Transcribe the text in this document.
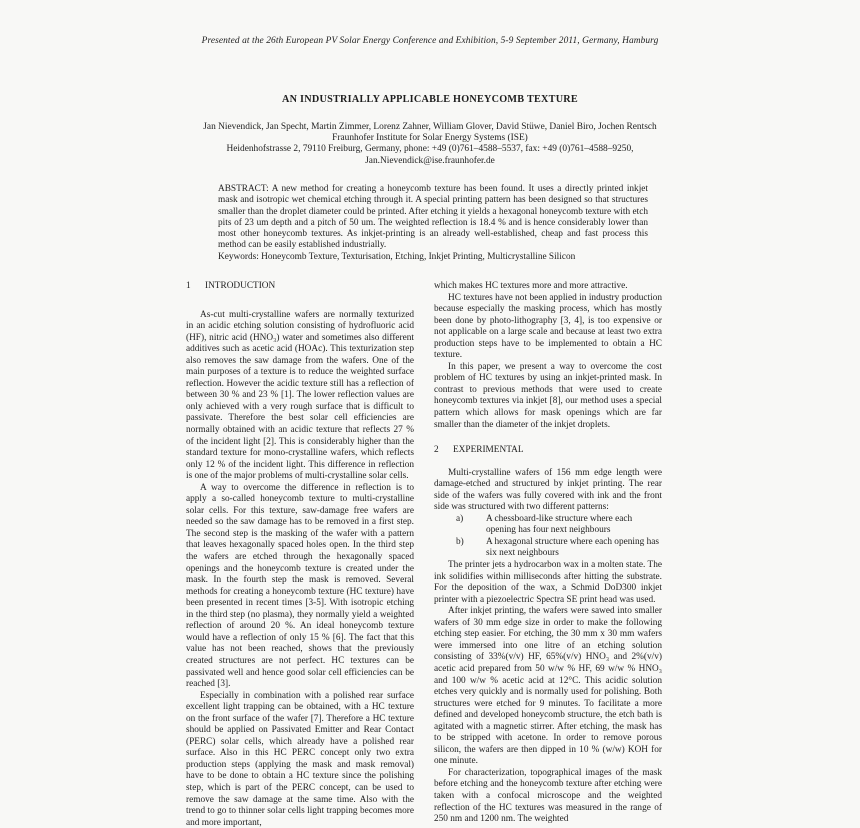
Presented at the 26th European PV Solar Energy Conference and Exhibition, 5-9 September 2011, Germany, Hamburg
AN INDUSTRIALLY APPLICABLE HONEYCOMB TEXTURE
Jan Nievendick, Jan Specht, Martin Zimmer, Lorenz Zahner, William Glover, David Stüwe, Daniel Biro, Jochen Rentsch
Fraunhofer Institute for Solar Energy Systems (ISE)
Heidenhofstrasse 2, 79110 Freiburg, Germany, phone: +49 (0)761–4588–5537, fax: +49 (0)761–4588–9250,
Jan.Nievendick@ise.fraunhofer.de
ABSTRACT: A new method for creating a honeycomb texture has been found. It uses a directly printed inkjet mask and isotropic wet chemical etching through it. A special printing pattern has been designed so that structures smaller than the droplet diameter could be printed. After etching it yields a hexagonal honeycomb texture with etch pits of 23 um depth and a pitch of 50 um. The weighted reflection is 18.4 % and is hence considerably lower than most other honeycomb textures. As inkjet-printing is an already well-established, cheap and fast process this method can be easily established industrially.
Keywords: Honeycomb Texture, Texturisation, Etching, Inkjet Printing, Multicrystalline Silicon
1 INTRODUCTION

As-cut multi-crystalline wafers are normally texturized in an acidic etching solution consisting of hydrofluoric acid (HF), nitric acid (HNO₃) water and sometimes also different additives such as acetic acid (HOAc). This texturization step also removes the saw damage from the wafers. One of the main purposes of a texture is to reduce the weighted surface reflection. However the acidic texture still has a reflection of between 30 % and 23 % [1]. The lower reflection values are only achieved with a very rough surface that is difficult to passivate. Therefore the best solar cell efficiencies are normally obtained with an acidic texture that reflects 27 % of the incident light [2]. This is considerably higher than the standard texture for mono-crystalline wafers, which reflects only 12 % of the incident light. This difference in reflection is one of the major problems of multi-crystalline solar cells.

A way to overcome the difference in reflection is to apply a so-called honeycomb texture to multi-crystalline solar cells. For this texture, saw-damage free wafers are needed so the saw damage has to be removed in a first step. The second step is the masking of the wafer with a pattern that leaves hexagonally spaced holes open. In the third step the wafers are etched through the hexagonally spaced openings and the honeycomb texture is created under the mask. In the fourth step the mask is removed. Several methods for creating a honeycomb texture (HC texture) have been presented in recent times [3-5]. With isotropic etching in the third step (no plasma), they normally yield a weighted reflection of around 20 %. An ideal honeycomb texture would have a reflection of only 15 % [6]. The fact that this value has not been reached, shows that the previously created structures are not perfect. HC textures can be passivated well and hence good solar cell efficiencies can be reached [3].

Especially in combination with a polished rear surface excellent light trapping can be obtained, with a HC texture on the front surface of the wafer [7]. Therefore a HC texture should be applied on Passivated Emitter and Rear Contact (PERC) solar cells, which already have a polished rear surface. Also in this HC PERC concept only two extra production steps (applying the mask and mask removal) have to be done to obtain a HC texture since the polishing step, which is part of the PERC concept, can be used to remove the saw damage at the same time. Also with the trend to go to thinner solar cells light trapping becomes more and more important,

which makes HC textures more and more attractive.

HC textures have not been applied in industry production because especially the masking process, which has mostly been done by photo-lithography [3, 4], is too expensive or not applicable on a large scale and because at least two extra production steps have to be implemented to obtain a HC texture.

In this paper, we present a way to overcome the cost problem of HC textures by using an inkjet-printed mask. In contrast to previous methods that were used to create honeycomb textures via inkjet [8], our method uses a special pattern which allows for mask openings which are far smaller than the diameter of the inkjet droplets.

2 EXPERIMENTAL

Multi-crystalline wafers of 156 mm edge length were damage-etched and structured by inkjet printing. The rear side of the wafers was fully covered with ink and the front side was structured with two different patterns:

a) A chessboard-like structure where each opening has four next neighbours
b) A hexagonal structure where each opening has six next neighbours

The printer jets a hydrocarbon wax in a molten state. The ink solidifies within milliseconds after hitting the substrate. For the deposition of the wax, a Schmid DoD300 inkjet printer with a piezoelectric Spectra SE print head was used.

After inkjet printing, the wafers were sawed into smaller wafers of 30 mm edge size in order to make the following etching step easier. For etching, the 30 mm x 30 mm wafers were immersed into one litre of an etching solution consisting of 33%(v/v) HF, 65%(v/v) HNO₃ and 2%(v/v) acetic acid prepared from 50 w/w % HF, 69 w/w % HNO₃ and 100 w/w % acetic acid at 12°C. This acidic solution etches very quickly and is normally used for polishing. Both structures were etched for 9 minutes. To facilitate a more defined and developed honeycomb structure, the etch bath is agitated with a magnetic stirrer. After etching, the mask has to be stripped with acetone. In order to remove porous silicon, the wafers are then dipped in 10 % (w/w) KOH for one minute.

For characterization, topographical images of the mask before etching and the honeycomb texture after etching were taken with a confocal microscope and the weighted reflection of the HC textures was measured in the range of 250 nm and 1200 nm. The weighted
